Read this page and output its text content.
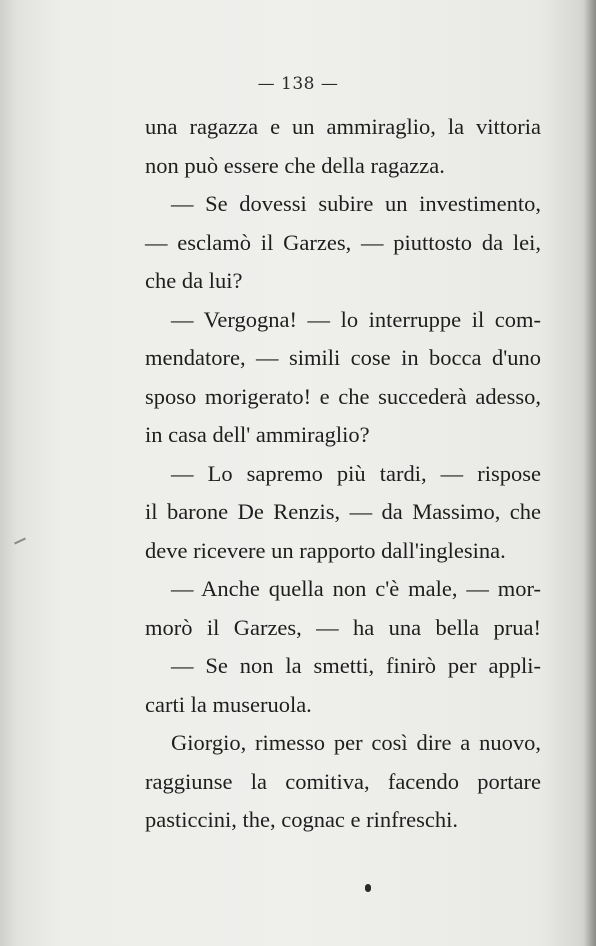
— 138 —
una ragazza e un ammiraglio, la vittoria
non può essere che della ragazza.
— Se dovessi subire un investimento,
— esclamò il Garzes, — piuttosto da lei,
che da lui?
— Vergogna! — lo interruppe il com-
mendatore, — simili cose in bocca d'uno
sposo morigerato! e che succederà adesso,
in casa dell' ammiraglio?
— Lo sapremo più tardi, — rispose
il barone De Renzis, — da Massimo, che
deve ricevere un rapporto dall'inglesina.
— Anche quella non c'è male, — mor-
morò il Garzes, — ha una bella prua!
— Se non la smetti, finirò per appli-
carti la museruola.
Giorgio, rimesso per così dire a nuovo,
raggiunse la comitiva, facendo portare
pasticcini, the, cognac e rinfreschi.
